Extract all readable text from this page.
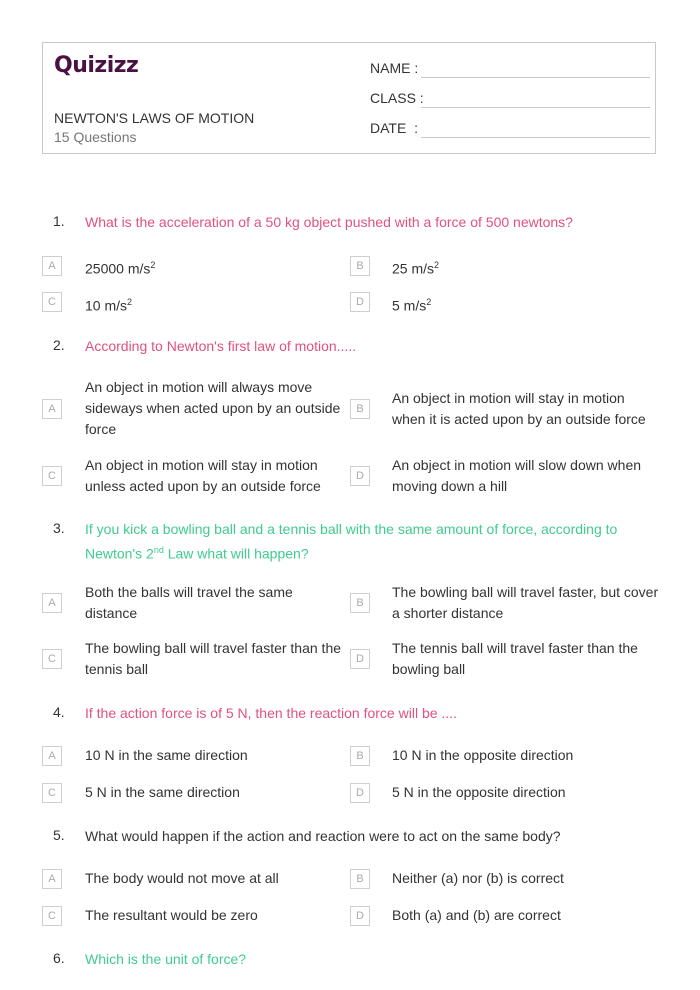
Quizizz
NEWTON'S LAWS OF MOTION
15 Questions
NAME :
CLASS :
DATE  :
1. What is the acceleration of a 50 kg object pushed with a force of 500 newtons?
A	25000 $m/s^2$	B	25 $m/s^2$
C	10 $m/s^2$	D	5 $m/s^2$
2. According to Newton's first law of motion.....
A
An object in motion will always move sideways when acted upon by an outside force
B
An object in motion will stay in motion when it is acted upon by an outside force
C
An object in motion will stay in motion unless acted upon by an outside force
D
An object in motion will slow down when moving down a hill
3. If you kick a bowling ball and a tennis ball with the same amount of force, according to Newton's 2nd Law what will happen?
A
Both the balls will travel the same distance
B
The bowling ball will travel faster, but cover a shorter distance
C
The bowling ball will travel faster than the tennis ball
D
The tennis ball will travel faster than the bowling ball
4. If the action force is of 5 N, then the reaction force will be ....
A	10 N in the same direction	B	10 N in the opposite direction
C	5 N in the same direction	D	5 N in the opposite direction
5. What would happen if the action and reaction were to act on the same body?
A	The body would not move at all	B	Neither (a) nor (b) is correct
C	The resultant would be zero	D	Both (a) and (b) are correct
6. Which is the unit of force?
